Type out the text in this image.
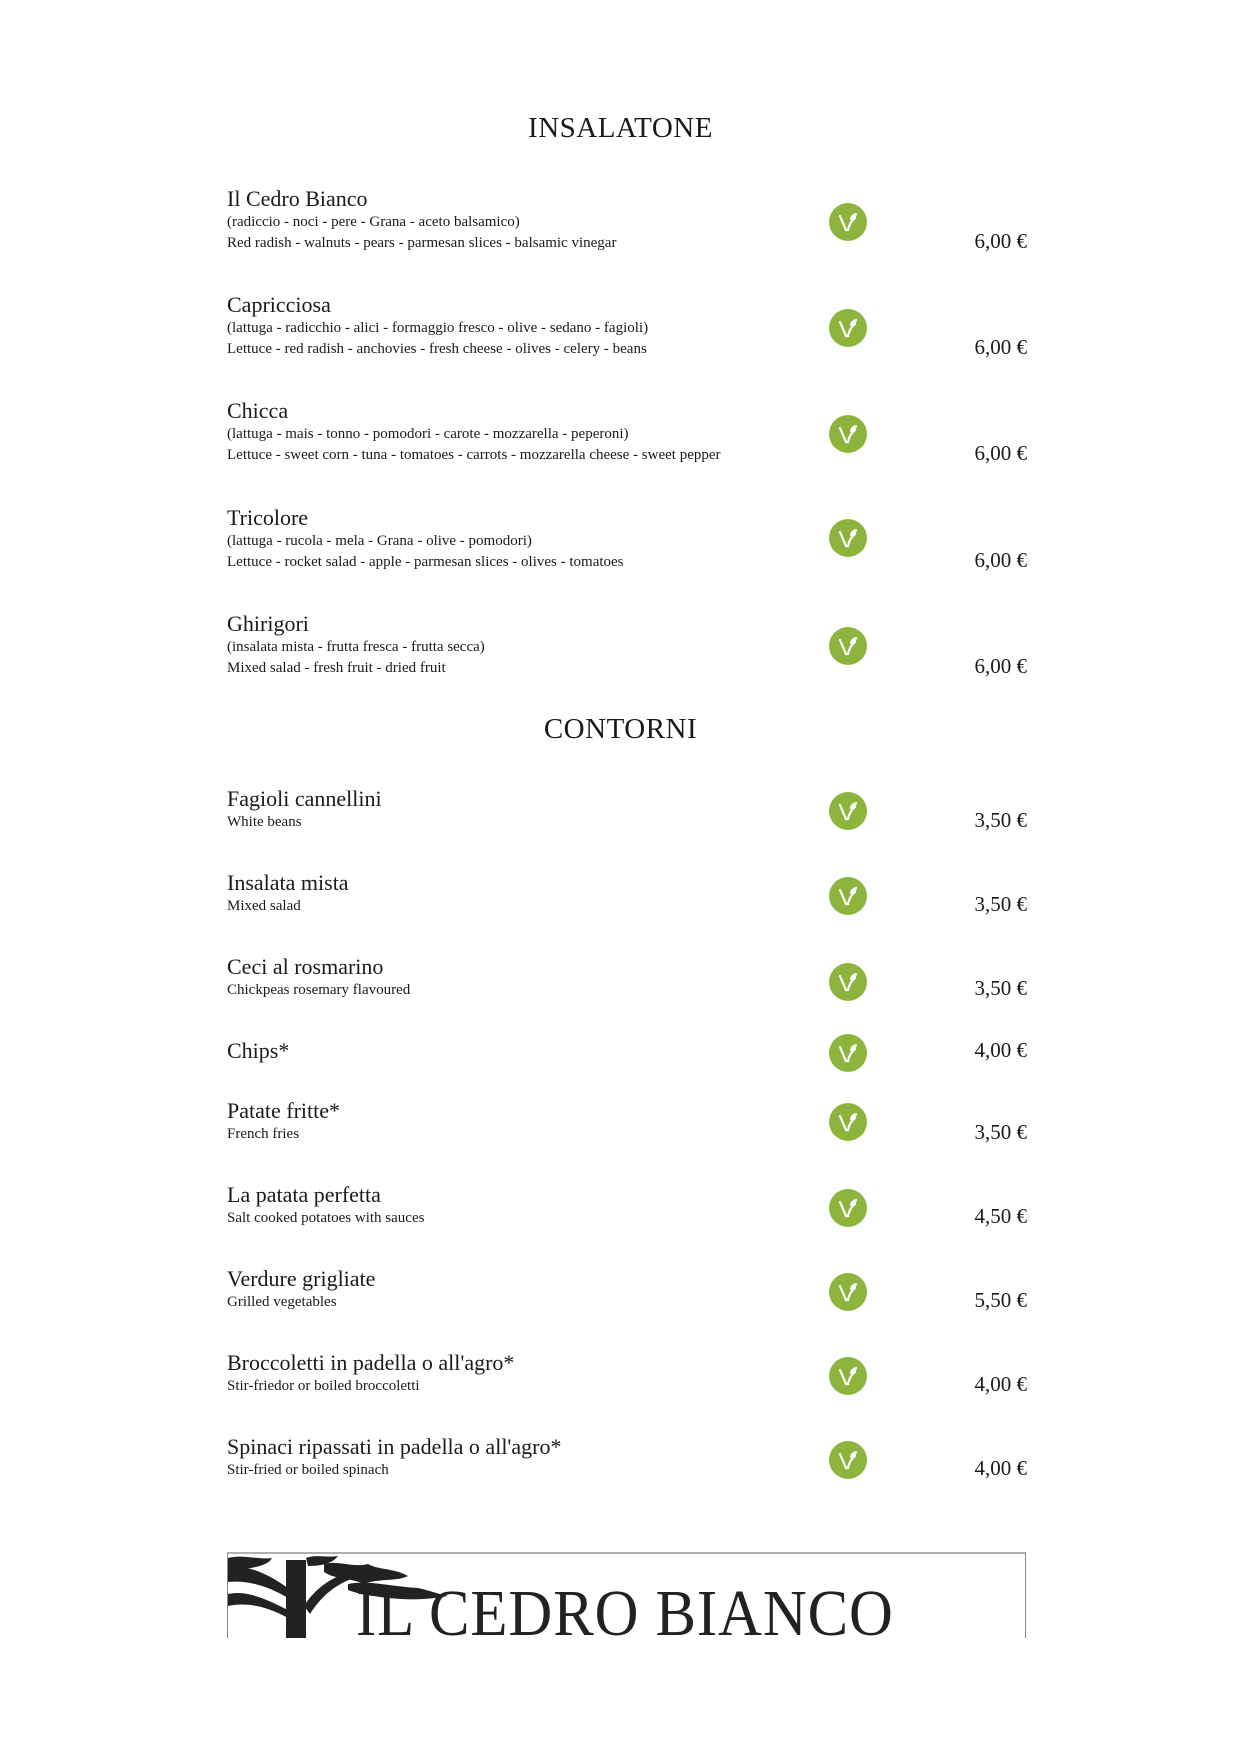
INSALATONE
Il Cedro Bianco
(radiccio - noci - pere - Grana - aceto balsamico)
Red radish - walnuts - pears - parmesan slices - balsamic vinegar	6,00 €
Capricciosa
(lattuga - radicchio - alici - formaggio fresco - olive - sedano - fagioli)
Lettuce - red radish - anchovies - fresh cheese - olives - celery - beans	6,00 €
Chicca
(lattuga - mais - tonno - pomodori - carote - mozzarella - peperoni)
Lettuce - sweet corn - tuna - tomatoes - carrots - mozzarella cheese - sweet pepper	6,00 €
Tricolore
(lattuga - rucola - mela - Grana - olive - pomodori)
Lettuce - rocket salad - apple - parmesan slices - olives - tomatoes	6,00 €
Ghirigori
(insalata mista - frutta fresca - frutta secca)
Mixed salad - fresh fruit - dried fruit	6,00 €
CONTORNI
Fagioli cannellini
White beans	3,50 €
Insalata mista
Mixed salad	3,50 €
Ceci al rosmarino
Chickpeas rosemary flavoured	3,50 €
Chips*	4,00 €
Patate fritte*
French fries	3,50 €
La patata perfetta
Salt cooked potatoes with sauces	4,50 €
Verdure grigliate
Grilled vegetables	5,50 €
Broccoletti in padella o all'agro*
Stir-friedor or boiled broccoletti	4,00 €
Spinaci ripassati in padella o all'agro*
Stir-fried or boiled spinach	4,00 €
IL CEDRO BIANCO
